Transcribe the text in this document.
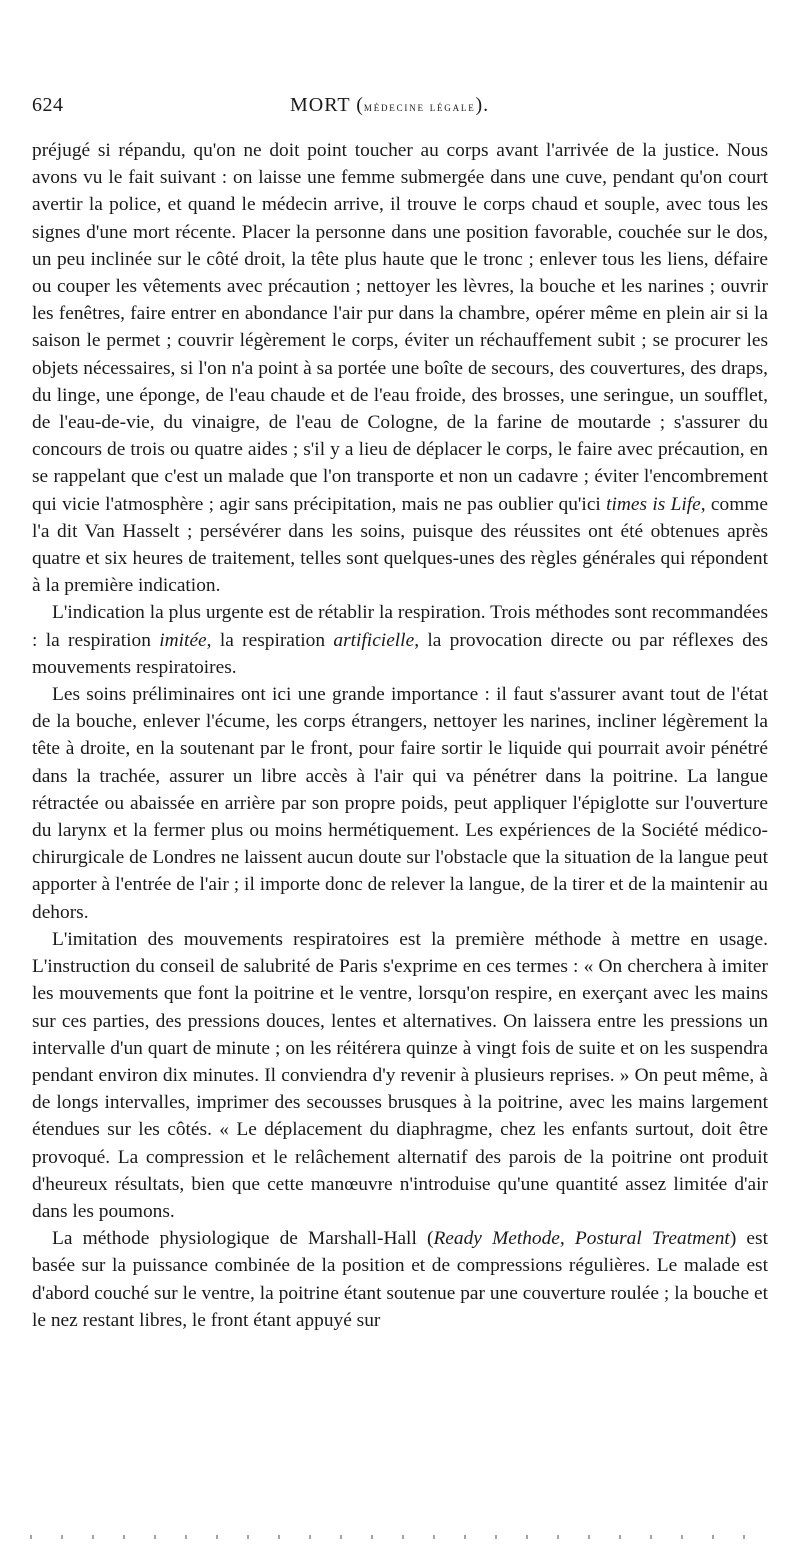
624	MORT (médecine légale).

préjugé si répandu, qu'on ne doit point toucher au corps avant l'arrivée de la justice. Nous avons vu le fait suivant : on laisse une femme submergée dans une cuve, pendant qu'on court avertir la police, et quand le médecin arrive, il trouve le corps chaud et souple, avec tous les signes d'une mort récente. Placer la personne dans une position favorable, couchée sur le dos, un peu inclinée sur le côté droit, la tête plus haute que le tronc ; enlever tous les liens, défaire ou couper les vêtements avec précaution ; nettoyer les lèvres, la bouche et les narines ; ouvrir les fenêtres, faire entrer en abondance l'air pur dans la chambre, opérer même en plein air si la saison le permet ; couvrir légèrement le corps, éviter un réchauffement subit ; se procurer les objets nécessaires, si l'on n'a point à sa portée une boîte de secours, des couvertures, des draps, du linge, une éponge, de l'eau chaude et de l'eau froide, des brosses, une seringue, un soufflet, de l'eau-de-vie, du vinaigre, de l'eau de Cologne, de la farine de moutarde ; s'assurer du concours de trois ou quatre aides ; s'il y a lieu de déplacer le corps, le faire avec précaution, en se rappelant que c'est un malade que l'on transporte et non un cadavre ; éviter l'encombrement qui vicie l'atmosphère ; agir sans précipitation, mais ne pas oublier qu'ici times is Life, comme l'a dit Van Hasselt ; persévérer dans les soins, puisque des réussites ont été obtenues après quatre et six heures de traitement, telles sont quelques-unes des règles générales qui répondent à la première indication.

L'indication la plus urgente est de rétablir la respiration. Trois méthodes sont recommandées : la respiration imitée, la respiration artificielle, la provocation directe ou par réflexes des mouvements respiratoires.

Les soins préliminaires ont ici une grande importance : il faut s'assurer avant tout de l'état de la bouche, enlever l'écume, les corps étrangers, nettoyer les narines, incliner légèrement la tête à droite, en la soutenant par le front, pour faire sortir le liquide qui pourrait avoir pénétré dans la trachée, assurer un libre accès à l'air qui va pénétrer dans la poitrine. La langue rétractée ou abaissée en arrière par son propre poids, peut appliquer l'épiglotte sur l'ouverture du larynx et la fermer plus ou moins hermétiquement. Les expériences de la Société médico-chirurgicale de Londres ne laissent aucun doute sur l'obstacle que la situation de la langue peut apporter à l'entrée de l'air ; il importe donc de relever la langue, de la tirer et de la maintenir au dehors.

L'imitation des mouvements respiratoires est la première méthode à mettre en usage. L'instruction du conseil de salubrité de Paris s'exprime en ces termes : « On cherchera à imiter les mouvements que font la poitrine et le ventre, lorsqu'on respire, en exerçant avec les mains sur ces parties, des pressions douces, lentes et alternatives. On laissera entre les pressions un intervalle d'un quart de minute ; on les réitérera quinze à vingt fois de suite et on les suspendra pendant environ dix minutes. Il conviendra d'y revenir à plusieurs reprises. » On peut même, à de longs intervalles, imprimer des secousses brusques à la poitrine, avec les mains largement étendues sur les côtés. « Le déplacement du diaphragme, chez les enfants surtout, doit être provoqué. La compression et le relâchement alternatif des parois de la poitrine ont produit d'heureux résultats, bien que cette manœuvre n'introduise qu'une quantité assez limitée d'air dans les poumons.

La méthode physiologique de Marshall-Hall (Ready Methode, Postural Treatment) est basée sur la puissance combinée de la position et de compressions régulières. Le malade est d'abord couché sur le ventre, la poitrine étant soutenue par une couverture roulée ; la bouche et le nez restant libres, le front étant appuyé sur
